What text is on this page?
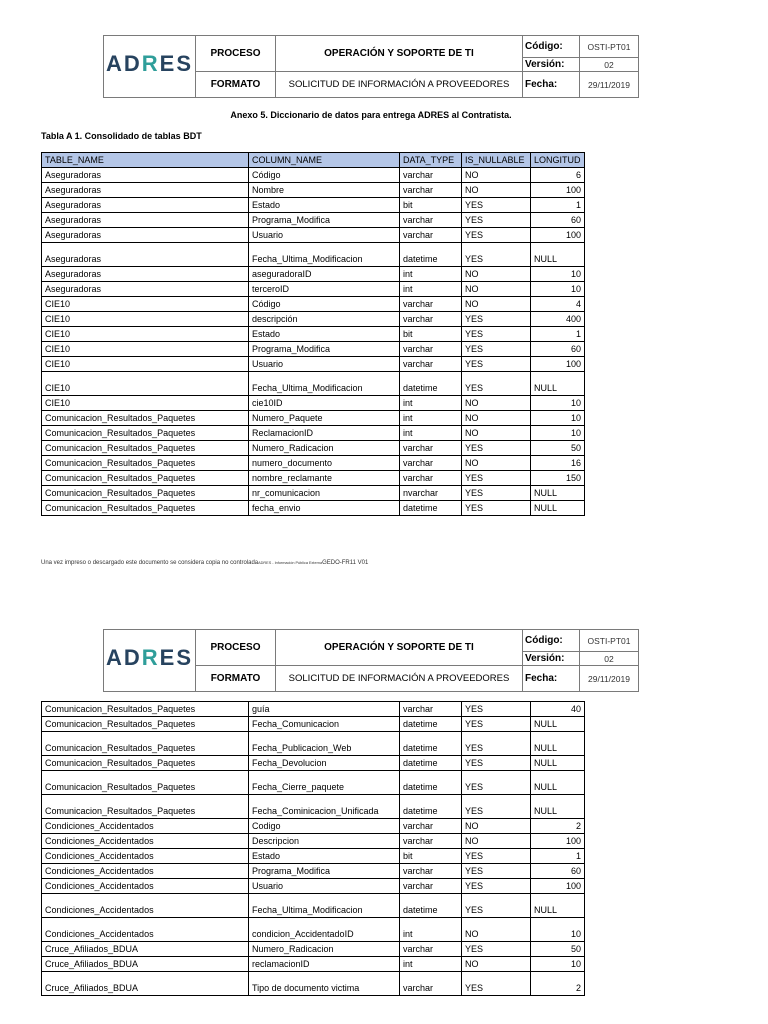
ADRES	PROCESO	OPERACIÓN Y SOPORTE DE TI	Código:	OSTI-PT01
			Versión:	02
	FORMATO	SOLICITUD DE INFORMACIÓN A PROVEEDORES	Fecha:	29/11/2019
Anexo 5. Diccionario de datos para entrega ADRES al Contratista.
Tabla A 1. Consolidado de tablas BDT
TABLE_NAME	COLUMN_NAME	DATA_TYPE	IS_NULLABLE	LONGITUD
Aseguradoras	Código	varchar	NO	6
Aseguradoras	Nombre	varchar	NO	100
Aseguradoras	Estado	bit	YES	1
Aseguradoras	Programa_Modifica	varchar	YES	60
Aseguradoras	Usuario	varchar	YES	100
Aseguradoras	Fecha_Ultima_Modificacion	datetime	YES	NULL
Aseguradoras	aseguradoraID	int	NO	10
Aseguradoras	terceroID	int	NO	10
CIE10	Código	varchar	NO	4
CIE10	descripción	varchar	YES	400
CIE10	Estado	bit	YES	1
CIE10	Programa_Modifica	varchar	YES	60
CIE10	Usuario	varchar	YES	100
CIE10	Fecha_Ultima_Modificacion	datetime	YES	NULL
CIE10	cie10ID	int	NO	10
Comunicacion_Resultados_Paquetes	Numero_Paquete	int	NO	10
Comunicacion_Resultados_Paquetes	ReclamacionID	int	NO	10
Comunicacion_Resultados_Paquetes	Numero_Radicacion	varchar	YES	50
Comunicacion_Resultados_Paquetes	numero_documento	varchar	NO	16
Comunicacion_Resultados_Paquetes	nombre_reclamante	varchar	YES	150
Comunicacion_Resultados_Paquetes	nr_comunicacion	nvarchar	YES	NULL
Comunicacion_Resultados_Paquetes	fecha_envio	datetime	YES	NULL
Una vez impreso o descargado este documento se considera copia no controladaADRES - Información Pública ExternaGEDO-FR11 V01
ADRES	PROCESO	OPERACIÓN Y SOPORTE DE TI	Código:	OSTI-PT01
			Versión:	02
	FORMATO	SOLICITUD DE INFORMACIÓN A PROVEEDORES	Fecha:	29/11/2019
Comunicacion_Resultados_Paquetes	guía	varchar	YES	40
Comunicacion_Resultados_Paquetes	Fecha_Comunicacion	datetime	YES	NULL
Comunicacion_Resultados_Paquetes	Fecha_Publicacion_Web	datetime	YES	NULL
Comunicacion_Resultados_Paquetes	Fecha_Devolucion	datetime	YES	NULL
Comunicacion_Resultados_Paquetes	Fecha_Cierre_paquete	datetime	YES	NULL
Comunicacion_Resultados_Paquetes	Fecha_Cominicacion_Unificada	datetime	YES	NULL
Condiciones_Accidentados	Codigo	varchar	NO	2
Condiciones_Accidentados	Descripcion	varchar	NO	100
Condiciones_Accidentados	Estado	bit	YES	1
Condiciones_Accidentados	Programa_Modifica	varchar	YES	60
Condiciones_Accidentados	Usuario	varchar	YES	100
Condiciones_Accidentados	Fecha_Ultima_Modificacion	datetime	YES	NULL
Condiciones_Accidentados	condicion_AccidentadoID	int	NO	10
Cruce_Afiliados_BDUA	Numero_Radicacion	varchar	YES	50
Cruce_Afiliados_BDUA	reclamacionID	int	NO	10
Cruce_Afiliados_BDUA	Tipo de documento victima	varchar	YES	2
